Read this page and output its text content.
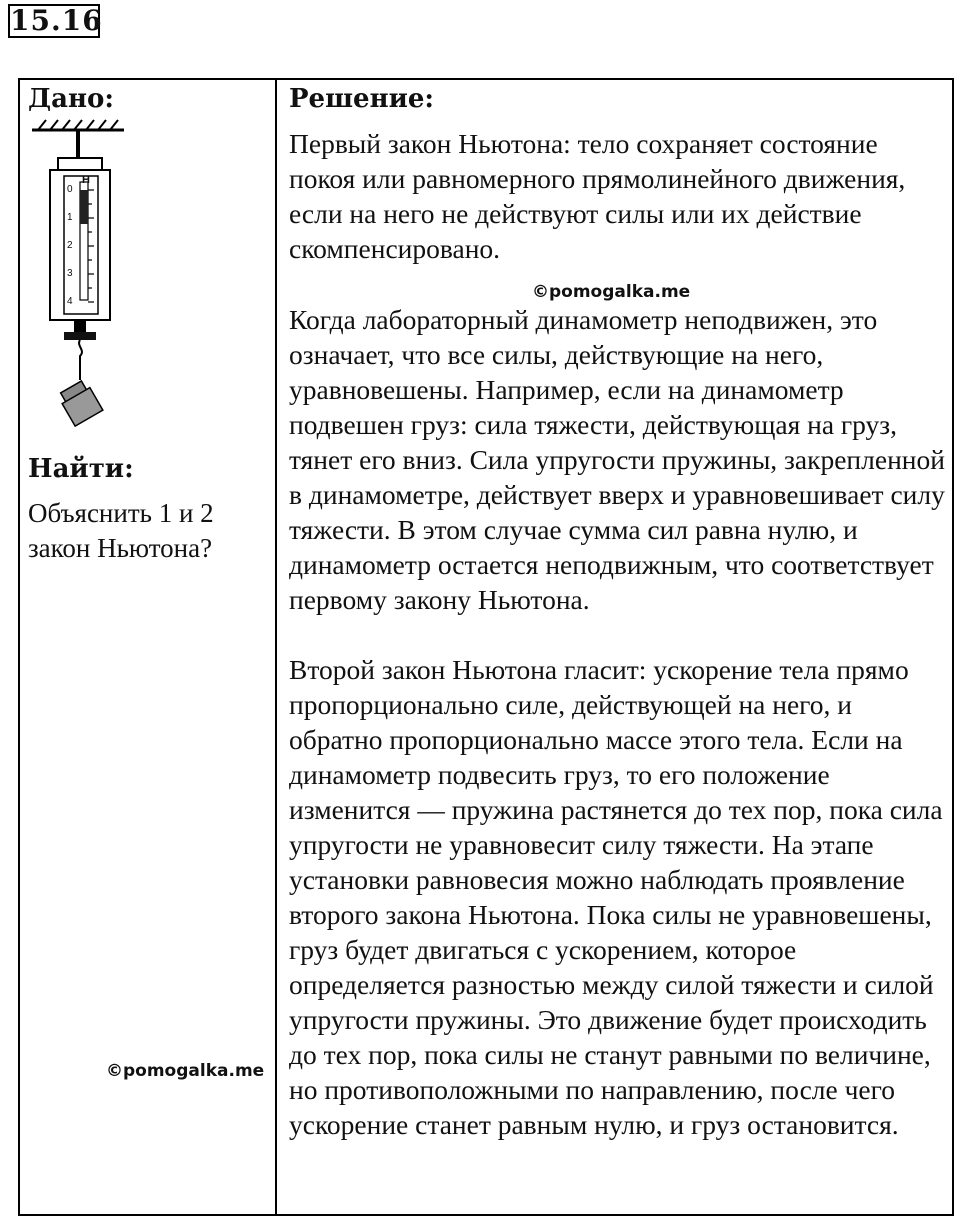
15.16
Дано:
Н
0
1
2
3
4
Найти:
Объяснить 1 и 2 закон Ньютона?
Решение:
Первый закон Ньютона: тело сохраняет состояние покоя или равномерного прямолинейного движения, если на него не действуют силы или их действие скомпенсировано.
Когда лабораторный динамометр неподвижен, это означает, что все силы, действующие на него, уравновешены. Например, если на динамометр подвешен груз: сила тяжести, действующая на груз, тянет его вниз. Сила упругости пружины, закрепленной в динамометре, действует вверх и уравновешивает силу тяжести. В этом случае сумма сил равна нулю, и динамометр остается неподвижным, что соответствует первому закону Ньютона.
Второй закон Ньютона гласит: ускорение тела прямо пропорционально силе, действующей на него, и обратно пропорционально массе этого тела. Если на динамометр подвесить груз, то его положение изменится — пружина растянется до тех пор, пока сила упругости не уравновесит силу тяжести. На этапе установки равновесия можно наблюдать проявление второго закона Ньютона. Пока силы не уравновешены, груз будет двигаться с ускорением, которое определяется разностью между силой тяжести и силой упругости пружины. Это движение будет происходить до тех пор, пока силы не станут равными по величине, но противоположными по направлению, после чего ускорение станет равным нулю, и груз остановится.
©pomogalka.me
©pomogalka.me
